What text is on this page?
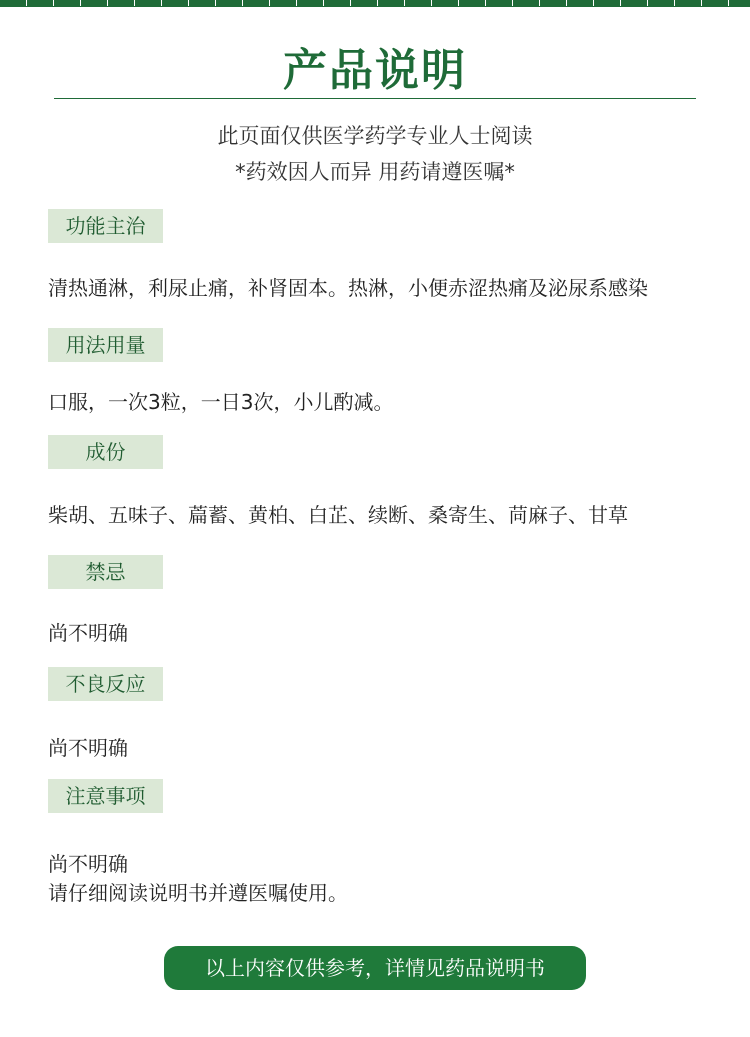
产品说明
此页面仅供医学药学专业人士阅读
*药效因人而异 用药请遵医嘱*
功能主治
清热通淋，利尿止痛，补肾固本。热淋，小便赤涩热痛及泌尿系感染
用法用量
口服，一次3粒，一日3次，小儿酌减。
成份
柴胡、五味子、萹蓄、黄柏、白芷、续断、桑寄生、苘麻子、甘草
禁忌
尚不明确
不良反应
尚不明确
注意事项
尚不明确
请仔细阅读说明书并遵医嘱使用。
以上内容仅供参考，详情见药品说明书
